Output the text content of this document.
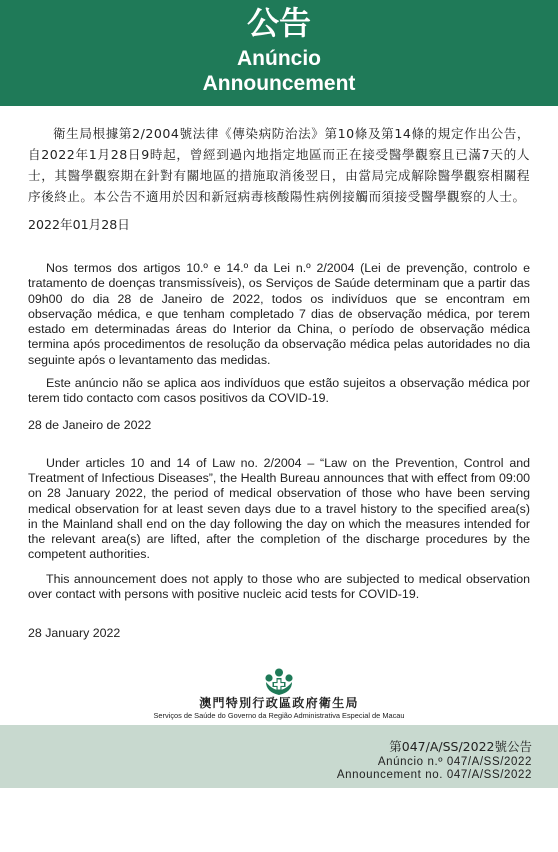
公告
Anúncio
Announcement

衛生局根據第2/2004號法律《傳染病防治法》第10條及第14條的規定作出公告，自2022年1月28日9時起，曾經到過內地指定地區而正在接受醫學觀察且已滿7天的人士，其醫學觀察期在針對有關地區的措施取消後翌日，由當局完成解除醫學觀察相關程序後終止。本公告不適用於因和新冠病毒核酸陽性病例接觸而須接受醫學觀察的人士。

2022年01月28日

Nos termos dos artigos 10.º e 14.º da Lei n.º 2/2004 (Lei de prevenção, controlo e tratamento de doenças transmissíveis), os Serviços de Saúde determinam que a partir das 09h00 do dia 28 de Janeiro de 2022, todos os indivíduos que se encontram em observação médica, e que tenham completado 7 dias de observação médica, por terem estado em determinadas áreas do Interior da China, o período de observação médica termina após procedimentos de resolução da observação médica pelas autoridades no dia seguinte após o levantamento das medidas.

Este anúncio não se aplica aos indivíduos que estão sujeitos a observação médica por terem tido contacto com casos positivos da COVID-19.

28 de Janeiro de 2022

Under articles 10 and 14 of Law no. 2/2004 – “Law on the Prevention, Control and Treatment of Infectious Diseases”, the Health Bureau announces that with effect from 09:00 on 28 January 2022, the period of medical observation of those who have been serving medical observation for at least seven days due to a travel history to the specified area(s) in the Mainland shall end on the day following the day on which the measures intended for the relevant area(s) are lifted, after the completion of the discharge procedures by the competent authorities.

This announcement does not apply to those who are subjected to medical observation over contact with persons with positive nucleic acid tests for COVID-19.

28 January 2022

澳門特別行政區政府衛生局
Serviços de Saúde do Governo da Região Administrativa Especial de Macau
第047/A/SS/2022號公告
Anúncio n.º 047/A/SS/2022
Announcement no. 047/A/SS/2022
